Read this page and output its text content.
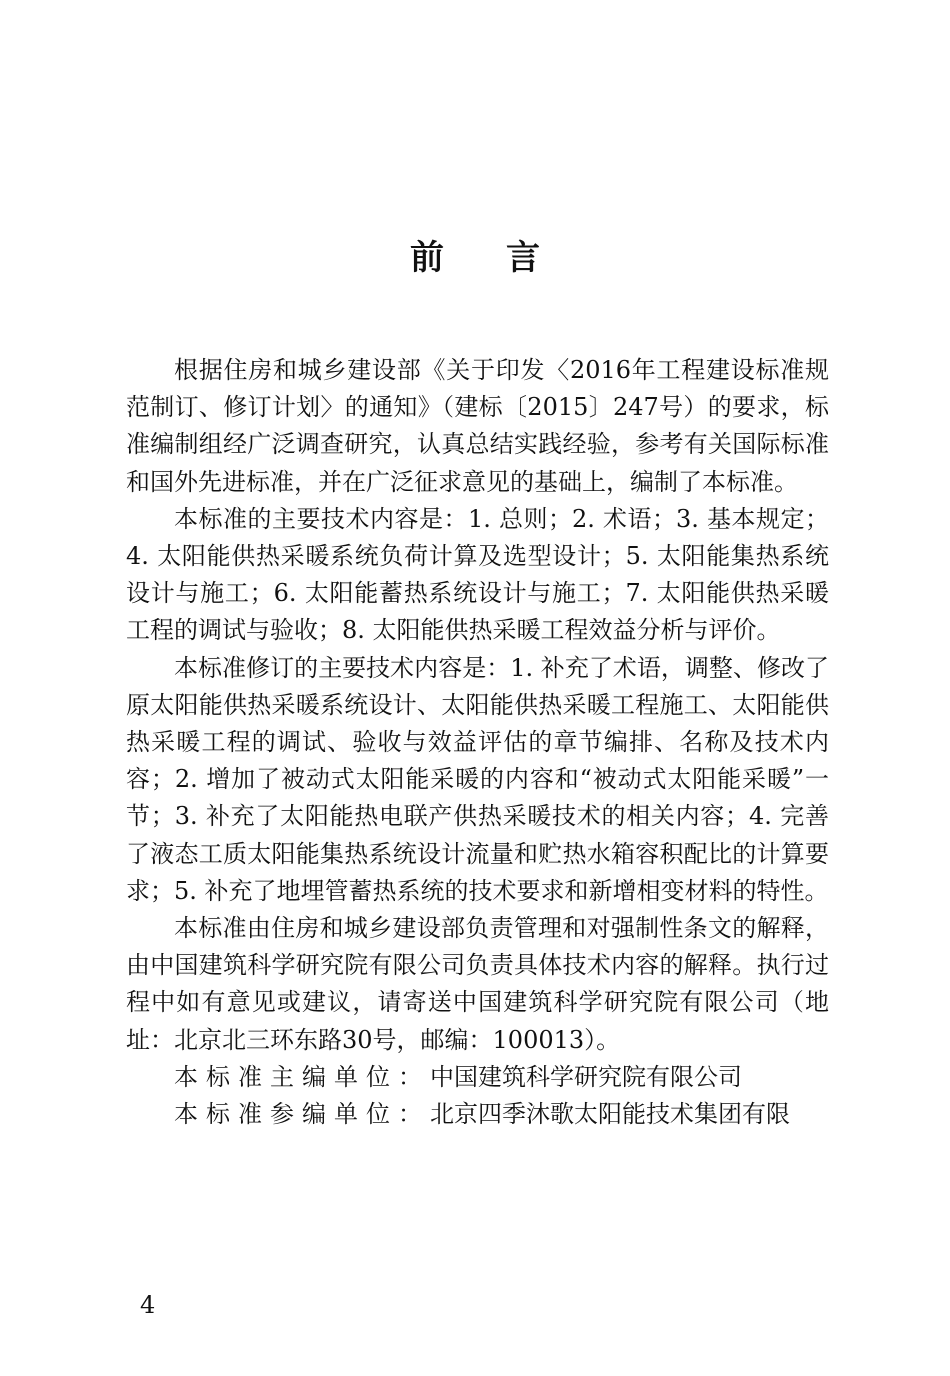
前言

根据住房和城乡建设部《关于印发〈2016年工程建设标准规范制订、修订计划〉的通知》（建标〔2015〕247号）的要求，标准编制组经广泛调查研究，认真总结实践经验，参考有关国际标准和国外先进标准，并在广泛征求意见的基础上，编制了本标准。

本标准的主要技术内容是：1. 总则；2. 术语；3. 基本规定；4. 太阳能供热采暖系统负荷计算及选型设计；5. 太阳能集热系统设计与施工；6. 太阳能蓄热系统设计与施工；7. 太阳能供热采暖工程的调试与验收；8. 太阳能供热采暖工程效益分析与评价。

本标准修订的主要技术内容是：1. 补充了术语，调整、修改了原太阳能供热采暖系统设计、太阳能供热采暖工程施工、太阳能供热采暖工程的调试、验收与效益评估的章节编排、名称及技术内容；2. 增加了被动式太阳能采暖的内容和“被动式太阳能采暖”一节；3. 补充了太阳能热电联产供热采暖技术的相关内容；4. 完善了液态工质太阳能集热系统设计流量和贮热水箱容积配比的计算要求；5. 补充了地埋管蓄热系统的技术要求和新增相变材料的特性。

本标准由住房和城乡建设部负责管理和对强制性条文的解释，由中国建筑科学研究院有限公司负责具体技术内容的解释。执行过程中如有意见或建议，请寄送中国建筑科学研究院有限公司（地址：北京北三环东路30号，邮编：100013）。

本标准主编单位：中国建筑科学研究院有限公司
本标准参编单位：北京四季沐歌太阳能技术集团有限
4
